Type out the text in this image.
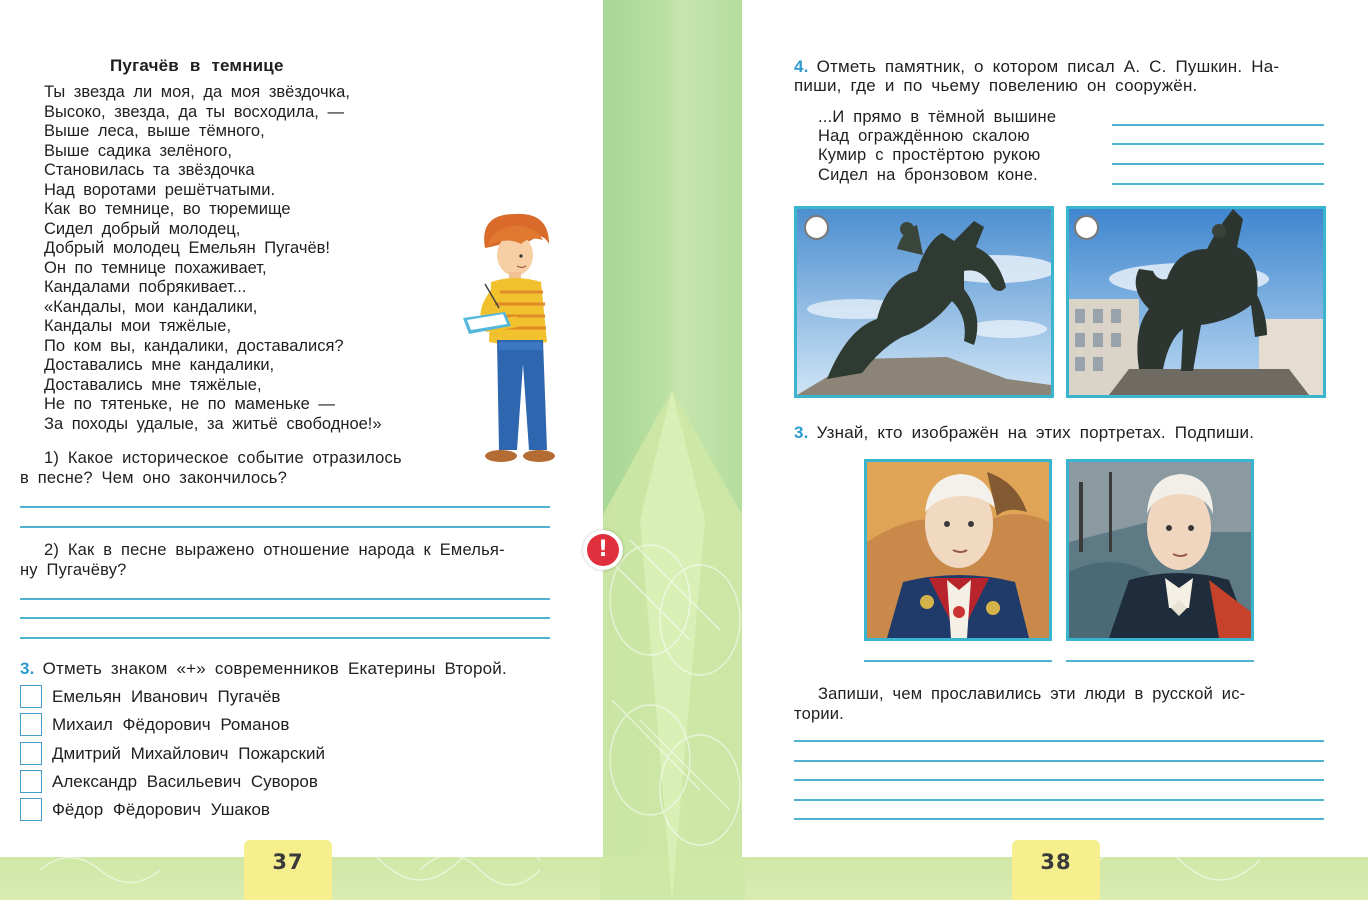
Пугачёв в темнице
Ты звезда ли моя, да моя звёздочка,
Высоко, звезда, да ты восходила, —
Выше леса, выше тёмного,
Выше садика зелёного,
Становилась та звёздочка
Над воротами решётчатыми.
Как во темнице, во тюремище
Сидел добрый молодец,
Добрый молодец Емельян Пугачёв!
Он по темнице похаживает,
Кандалами побрякивает...
«Кандалы, мои кандалики,
Кандалы мои тяжёлые,
По ком вы, кандалики, доставалися?
Доставались мне кандалики,
Доставались мне тяжёлые,
Не по тятеньке, не по маменьке —
За походы удалые, за житьё свободное!»
1) Какое историческое событие отразилось
в песне? Чем оно закончилось?
2) Как в песне выражено отношение народа к Емелья-
ну Пугачёву?
3. Отметь знаком «+» современников Екатерины Второй.
Емельян Иванович Пугачёв
Михаил Фёдорович Романов
Дмитрий Михайлович Пожарский
Александр Васильевич Суворов
Фёдор Фёдорович Ушаков
4. Отметь памятник, о котором писал А. С. Пушкин. На-
пиши, где и по чьему повелению он сооружён.
...И прямо в тёмной вышине
Над ограждённою скалою
Кумир с простёртою рукою
Сидел на бронзовом коне.
3. Узнай, кто изображён на этих портретах. Подпиши.
Запиши, чем прославились эти люди в русской ис-
тории.
!
37	38
